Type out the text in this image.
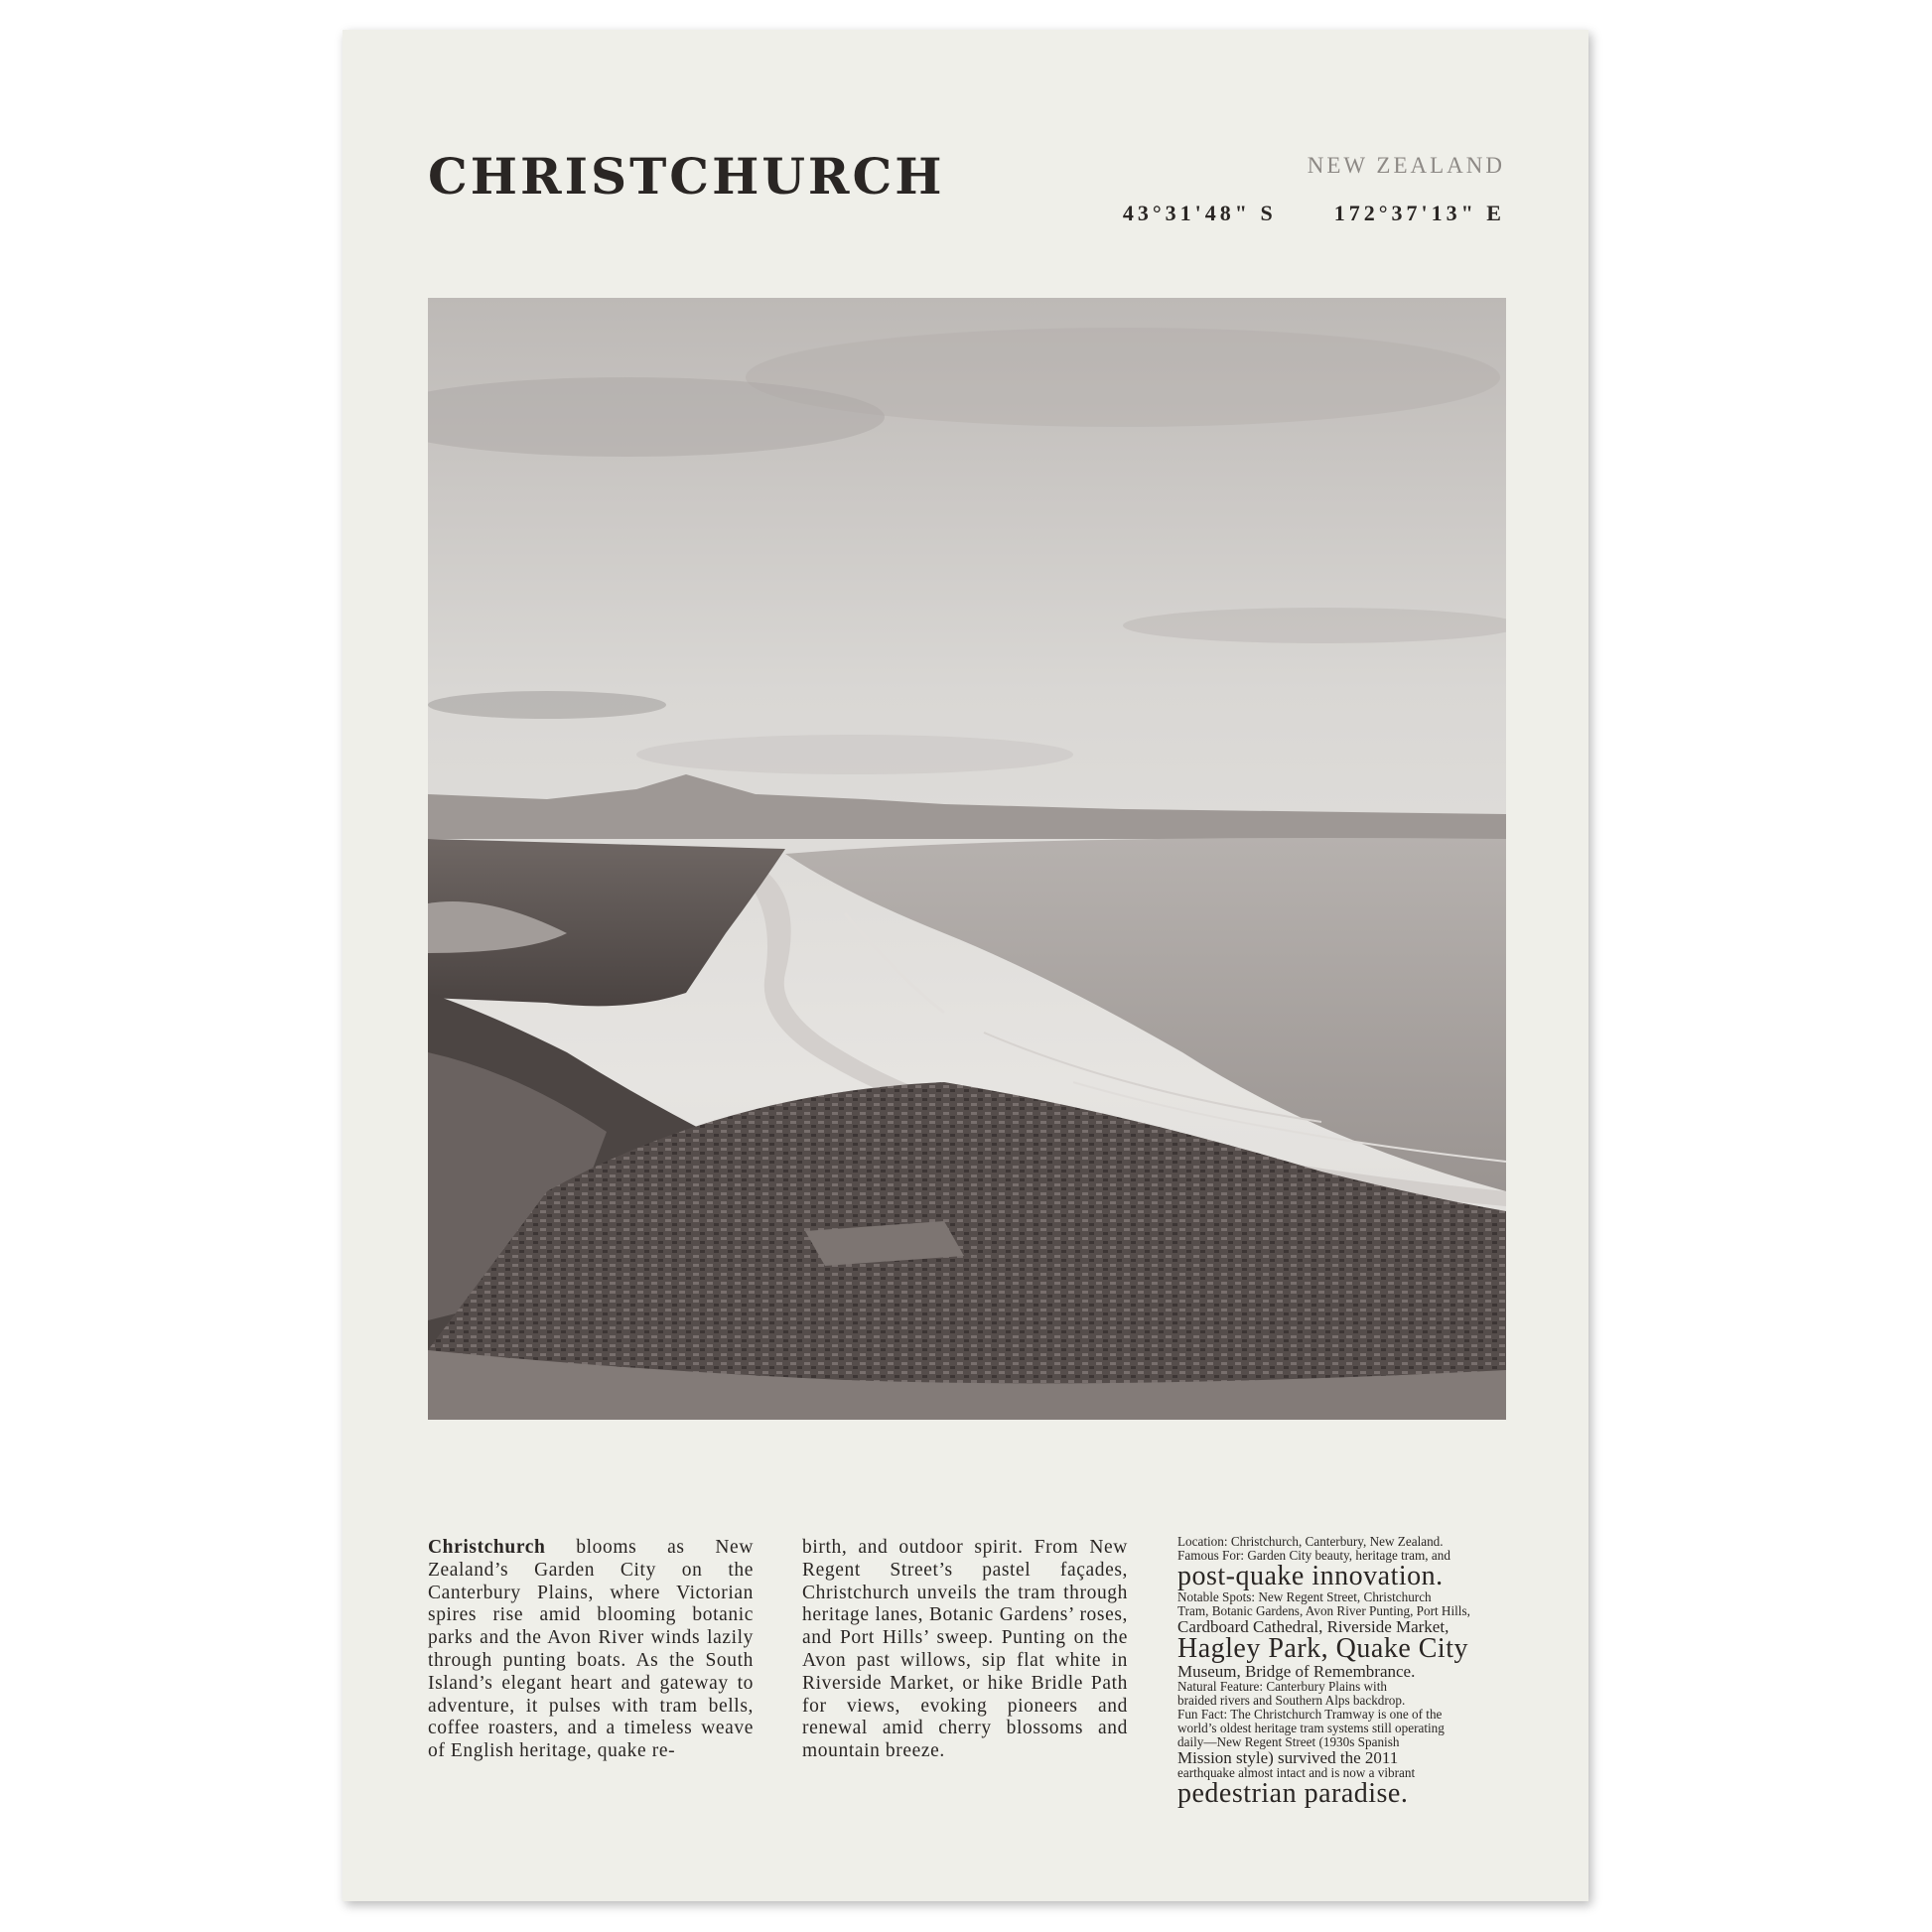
CHRISTCHURCH	NEW ZEALAND
43°31'48" S	172°37'13" E
Christchurch blooms as New Zealand’s Garden City on the Canterbury Plains, where Victorian spires rise amid blooming botanic parks and the Avon River winds lazily through punting boats. As the South Island’s elegant heart and gateway to adventure, it pulses with tram bells, coffee roasters, and a timeless weave of English heritage, quake re-
birth, and outdoor spirit. From New Regent Street’s pastel façades, Christchurch unveils the tram through heritage lanes, Botanic Gardens’ roses, and Port Hills’ sweep. Punting on the Avon past willows, sip flat white in Riverside Market, or hike Bridle Path for views, evoking pioneers and renewal amid cherry blossoms and mountain breeze.
Location: Christchurch, Canterbury, New Zealand.
Famous For: Garden City beauty, heritage tram, and
post-quake innovation.
Notable Spots: New Regent Street, Christchurch
Tram, Botanic Gardens, Avon River Punting, Port Hills,
Cardboard Cathedral, Riverside Market,
Hagley Park, Quake City
Museum, Bridge of Remembrance.
Natural Feature: Canterbury Plains with
braided rivers and Southern Alps backdrop.
Fun Fact: The Christchurch Tramway is one of the
world’s oldest heritage tram systems still operating
daily—New Regent Street (1930s Spanish
Mission style) survived the 2011
earthquake almost intact and is now a vibrant
pedestrian paradise.
